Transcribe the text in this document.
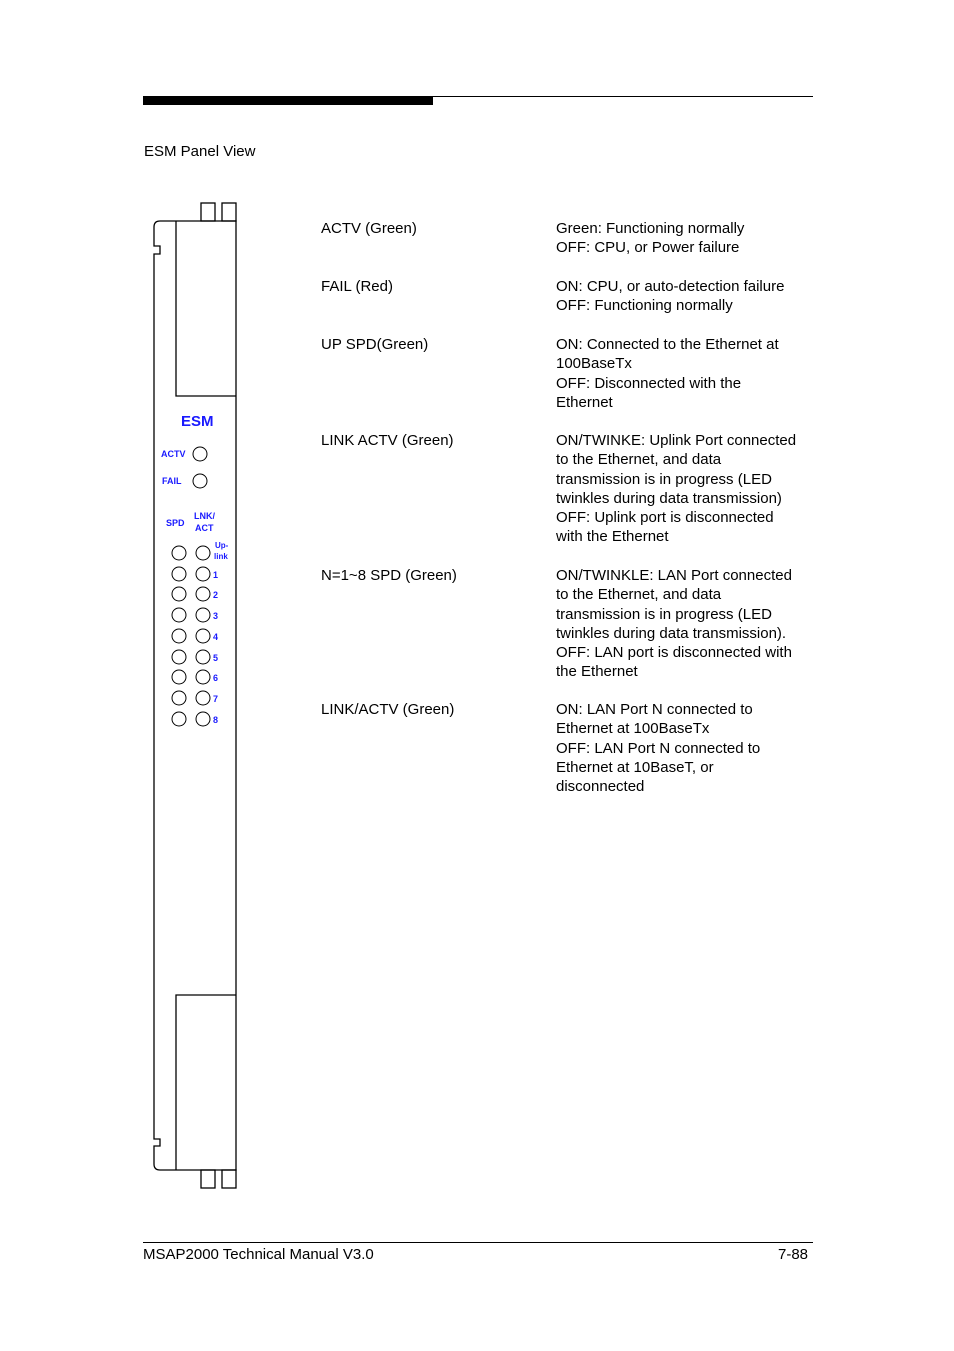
ESM Panel View
ESM
ACTV
FAIL
SPD
LNK/
ACT
Up-
link
1
2
3
4
5
6
7
8
ACTV (Green)	Green: Functioning normally
OFF: CPU, or Power failure
FAIL (Red)	ON: CPU, or auto-detection failure
OFF: Functioning normally
UP SPD(Green)	ON: Connected to the Ethernet at
100BaseTx
OFF: Disconnected with the
Ethernet
LINK ACTV (Green)	ON/TWINKE: Uplink Port connected
to the Ethernet, and data
transmission is in progress (LED
twinkles during data transmission)
OFF: Uplink port is disconnected
with the Ethernet
N=1~8 SPD (Green)	ON/TWINKLE: LAN Port connected
to the Ethernet, and data
transmission is in progress (LED
twinkles during data transmission).
OFF: LAN port is disconnected with
the Ethernet
LINK/ACTV (Green)	ON: LAN Port N connected to
Ethernet at 100BaseTx
OFF: LAN Port N connected to
Ethernet at 10BaseT, or
disconnected
MSAP2000 Technical Manual V3.0	7-88
